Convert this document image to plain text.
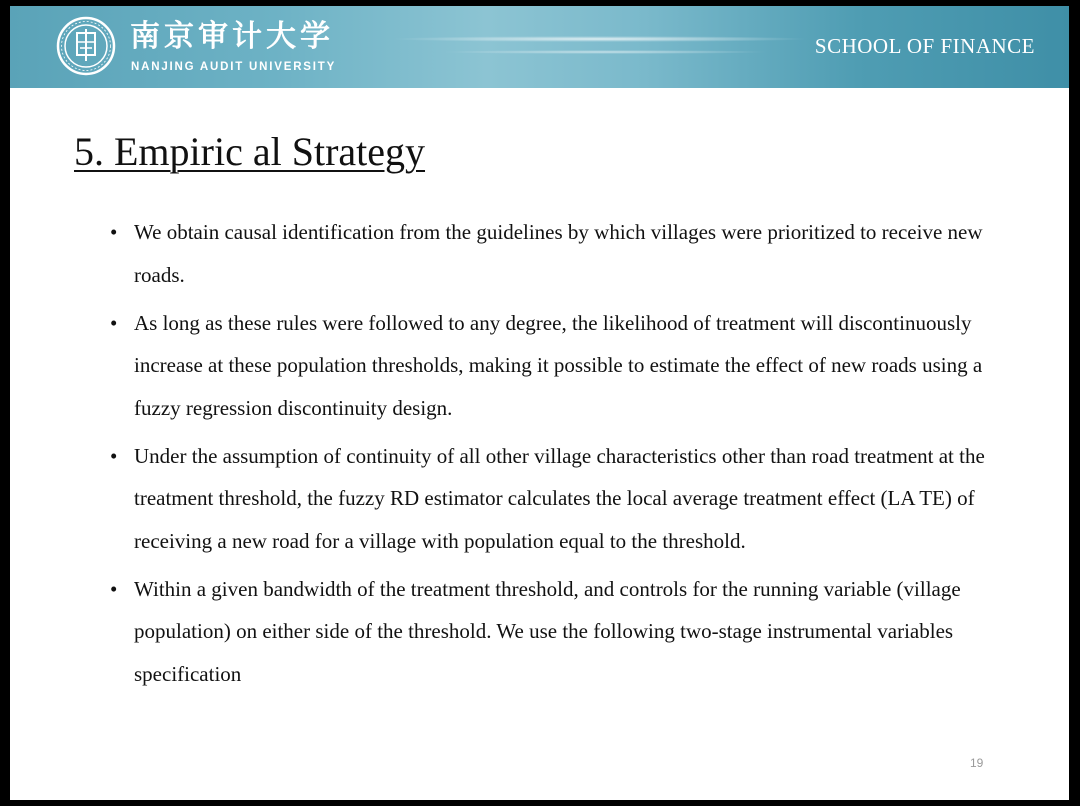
南京审计大学
NANJING AUDIT UNIVERSITY
SCHOOL OF FINANCE
5. Empiric al Strategy
• We obtain causal identification from the guidelines by which villages were prioritized to receive new roads.
• As long as these rules were followed to any degree, the likelihood of treatment will discontinuously increase at these population thresholds, making it possible to estimate the effect of new roads using a fuzzy regression discontinuity design.
• Under the assumption of continuity of all other village characteristics other than road treatment at the treatment threshold, the fuzzy RD estimator calculates the local average treatment effect (LA TE) of receiving a new road for a village with population equal to the threshold.
• Within a given bandwidth of the treatment threshold, and controls for the running variable (village population) on either side of the threshold. We use the following two-stage instrumental variables specification
19
